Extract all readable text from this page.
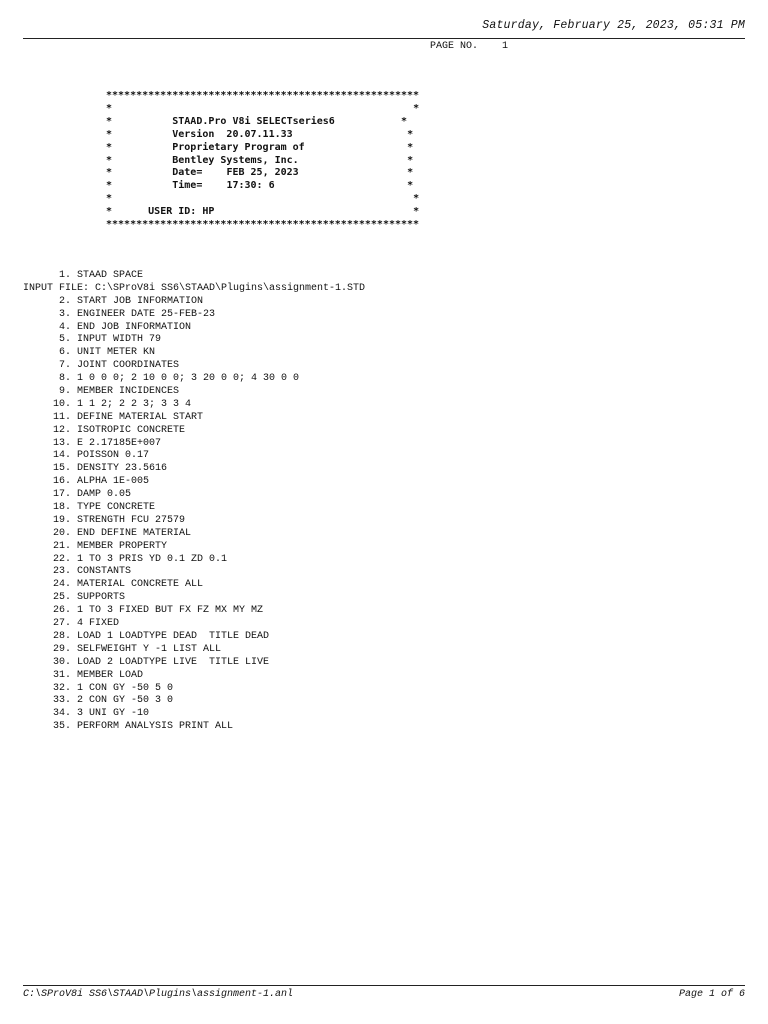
Saturday, February 25, 2023, 05:31 PM
PAGE NO. 1
****************************************************
*	*
*	STAAD.Pro V8i SELECTseries6	*
*	Version  20.07.11.33	*
*	Proprietary Program of	*
*	Bentley Systems, Inc.	*
*	Date= FEB 25, 2023	*
*	Time= 17:30: 6	*
*	*
*	USER ID: HP	*
****************************************************
1. STAAD SPACE
INPUT FILE: C:\SProV8i SS6\STAAD\Plugins\assignment-1.STD
2. START JOB INFORMATION
3. ENGINEER DATE 25-FEB-23
4. END JOB INFORMATION
5. INPUT WIDTH 79
6. UNIT METER KN
7. JOINT COORDINATES
8. 1 0 0 0; 2 10 0 0; 3 20 0 0; 4 30 0 0
9. MEMBER INCIDENCES
10. 1 1 2; 2 2 3; 3 3 4
11. DEFINE MATERIAL START
12. ISOTROPIC CONCRETE
13. E 2.17185E+007
14. POISSON 0.17
15. DENSITY 23.5616
16. ALPHA 1E-005
17. DAMP 0.05
18. TYPE CONCRETE
19. STRENGTH FCU 27579
20. END DEFINE MATERIAL
21. MEMBER PROPERTY
22. 1 TO 3 PRIS YD 0.1 ZD 0.1
23. CONSTANTS
24. MATERIAL CONCRETE ALL
25. SUPPORTS
26. 1 TO 3 FIXED BUT FX FZ MX MY MZ
27. 4 FIXED
28. LOAD 1 LOADTYPE DEAD  TITLE DEAD
29. SELFWEIGHT Y -1 LIST ALL
30. LOAD 2 LOADTYPE LIVE  TITLE LIVE
31. MEMBER LOAD
32. 1 CON GY -50 5 0
33. 2 CON GY -50 3 0
34. 3 UNI GY -10
35. PERFORM ANALYSIS PRINT ALL
C:\SProV8i SS6\STAAD\Plugins\assignment-1.anl	Page 1 of 6
